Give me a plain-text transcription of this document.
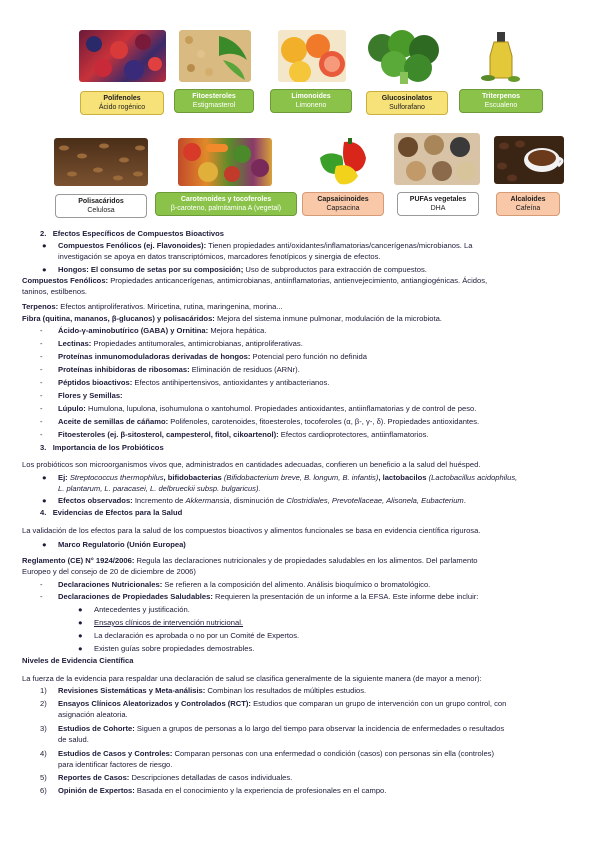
Polifenoles
Ácido rogénico
Fitoesteroles
Estigmasterol
Limonoides
Limoneno
Glucosinolatos
Sulforafano
Triterpenos
Escualeno
Polisacáridos
Celulosa
Carotenoides y tocoferoles
β-caroteno, palmitamina A (vegetal)
Capsaicinoides
Capsacina
PUFAs vegetales
DHA
Alcaloides
Cafeína
2. Efectos Específicos de Compuestos Bioactivos
● Compuestos Fenólicos (ej. Flavonoides): Tienen propiedades anti/oxidantes/inflamatorias/cancerígenas/microbianos. La
investigación se apoya en datos transcriptómicos, marcadores fenotípicos y sinergia de efectos.
● Hongos: El consumo de setas por su composición; Uso de subproductos para extracción de compuestos.
Compuestos Fenólicos: Propiedades anticancerígenas, antimicrobianas, antiinflamatorias, antienvejecimiento, antiangiogénicas. Ácidos,
taninos, estilbenos.
Terpenos: Efectos antiproliferativos. Miricetina, rutina, maringenina, morina...
Fibra (quitina, mananos, β-glucanos) y polisacáridos: Mejora del sistema inmune pulmonar, modulación de la microbiota.
- Ácido-γ-aminobutírico (GABA) y Ornitina: Mejora hepática.
- Lectinas: Propiedades antitumorales, antimicrobianas, antiproliferativas.
- Proteínas inmunomoduladoras derivadas de hongos: Potencial pero función no definida
- Proteínas inhibidoras de ribosomas: Eliminación de residuos (ARNr).
- Péptidos bioactivos: Efectos antihipertensivos, antioxidantes y antibacterianos.
- Flores y Semillas:
- Lúpulo: Humulona, lupulona, isohumulona o xantohumol. Propiedades antioxidantes, antiinflamatorias y de control de peso.
- Aceite de semillas de cáñamo: Polifenoles, carotenoides, fitoesteroles, tocoferoles (α, β-, γ-, δ). Propiedades antioxidantes.
- Fitoesteroles (ej. β-sitosterol, campesterol, fitol, cikoartenol): Efectos cardioprotectores, antiinflamatorios.
3. Importancia de los Probióticos
Los probióticos son microorganismos vivos que, administrados en cantidades adecuadas, confieren un beneficio a la salud del huésped.
● Ej: Streptococcus thermophilus, bifidobacterias (Bifidobacterium breve, B. longum, B. infantis), lactobacilos (Lactobacillus acidophilus,
L. plantarum, L. paracasei, L. delbrueckii subsp. bulgaricus).
● Efectos observados: Incremento de Akkermansia, disminución de Clostridiales, Prevotellaceae, Alisonela, Eubacterium.
4. Evidencias de Efectos para la Salud
La validación de los efectos para la salud de los compuestos bioactivos y alimentos funcionales se basa en evidencia científica rigurosa.
● Marco Regulatorio (Unión Europea)
Reglamento (CE) N° 1924/2006: Regula las declaraciones nutricionales y de propiedades saludables en los alimentos. Del parlamento
Europeo y del consejo de 20 de diciembre de 2006)
- Declaraciones Nutricionales: Se refieren a la composición del alimento. Análisis bioquímico o bromatológico.
- Declaraciones de Propiedades Saludables: Requieren la presentación de un informe a la EFSA. Este informe debe incluir:
● Antecedentes y justificación.
● Ensayos clínicos de intervención nutricional.
● La declaración es aprobada o no por un Comité de Expertos.
● Existen guías sobre propiedades demostrables.
Niveles de Evidencia Científica
La fuerza de la evidencia para respaldar una declaración de salud se clasifica generalmente de la siguiente manera (de mayor a menor):
1) Revisiones Sistemáticas y Meta-análisis: Combinan los resultados de múltiples estudios.
2) Ensayos Clínicos Aleatorizados y Controlados (RCT): Estudios que comparan un grupo de intervención con un grupo control, con
asignación aleatoria.
3) Estudios de Cohorte: Siguen a grupos de personas a lo largo del tiempo para observar la incidencia de enfermedades o resultados
de salud.
4) Estudios de Casos y Controles: Comparan personas con una enfermedad o condición (casos) con personas sin ella (controles)
para identificar factores de riesgo.
5) Reportes de Casos: Descripciones detalladas de casos individuales.
6) Opinión de Expertos: Basada en el conocimiento y la experiencia de profesionales en el campo.
